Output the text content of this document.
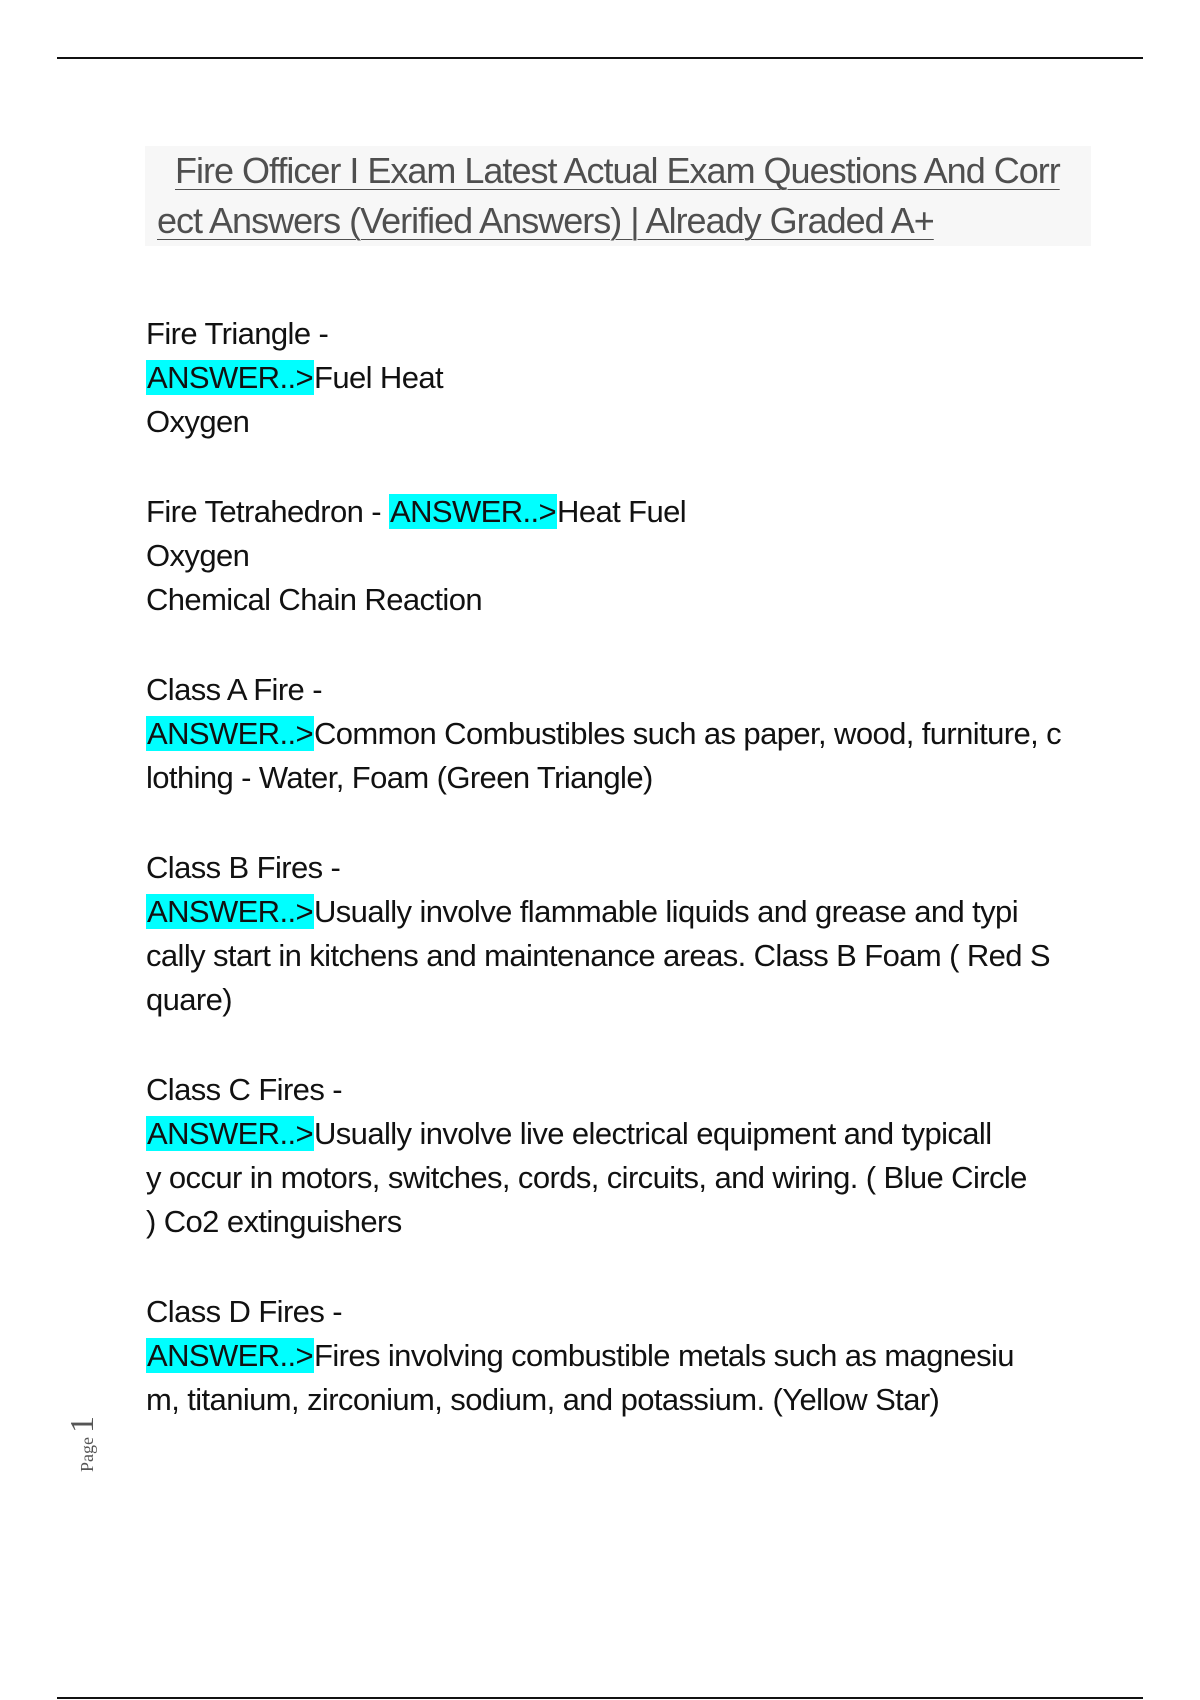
Fire Officer I Exam Latest Actual Exam Questions And Corr
ect Answers (Verified Answers) | Already Graded A+
Fire Triangle -
ANSWER..>Fuel Heat
Oxygen
Fire Tetrahedron - ANSWER..>Heat Fuel
Oxygen
Chemical Chain Reaction
Class A Fire -
ANSWER..>Common Combustibles such as paper, wood, furniture, c
lothing - Water, Foam (Green Triangle)
Class B Fires -
ANSWER..>Usually involve flammable liquids and grease and typi
cally start in kitchens and maintenance areas. Class B Foam ( Red S
quare)
Class C Fires -
ANSWER..>Usually involve live electrical equipment and typicall
y occur in motors, switches, cords, circuits, and wiring. ( Blue Circle
) Co2 extinguishers
Class D Fires -
ANSWER..>Fires involving combustible metals such as magnesiu
m, titanium, zirconium, sodium, and potassium. (Yellow Star)
Page1
